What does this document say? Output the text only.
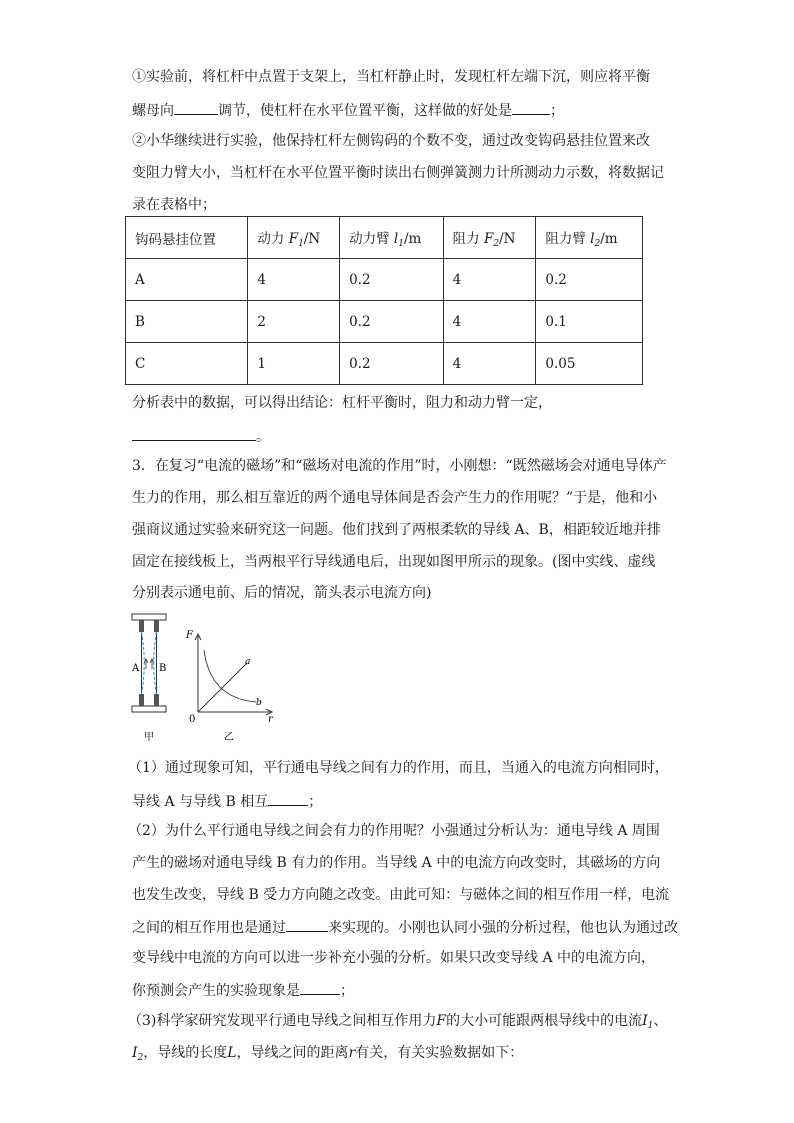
①实验前，将杠杆中点置于支架上，当杠杆静止时，发现杠杆左端下沉，则应将平衡
螺母向	调节，使杠杆在水平位置平衡，这样做的好处是	；
②小华继续进行实验，他保持杠杆左侧钩码的个数不变，通过改变钩码悬挂位置来改
变阻力臂大小，当杠杆在水平位置平衡时读出右侧弹簧测力计所测动力示数，将数据记
录在表格中；
钩码悬挂位置	动力 $F_1/N$	动力臂 $l_1/m$	阻力 $F_2/N$	阻力臂 $l_2/m$
A	4	0.2	4	0.2
B	2	0.2	4	0.1
C	1	0.2	4	0.05
分析表中的数据，可以得出结论：杠杆平衡时，阻力和动力臂一定，
。
3．在复习“电流的磁场”和“磁场对电流的作用”时，小刚想：“既然磁场会对通电导体产
生力的作用，那么相互靠近的两个通电导体间是否会产生力的作用呢？”于是，他和小
强商议通过实验来研究这一问题。他们找到了两根柔软的导线 A、B，相距较近地并排
固定在接线板上，当两根平行导线通电后，出现如图甲所示的现象。(图中实线、虚线
分别表示通电前、后的情况，箭头表示电流方向)
A B
甲
F
r
0
a
b
乙
（1）通过现象可知，平行通电导线之间有力的作用，而且，当通入的电流方向相同时，
导线 A 与导线 B 相互	；
（2）为什么平行通电导线之间会有力的作用呢？小强通过分析认为：通电导线 A 周围
产生的磁场对通电导线 B 有力的作用。当导线 A 中的电流方向改变时，其磁场的方向
也发生改变，导线 B 受力方向随之改变。由此可知：与磁体之间的相互作用一样，电流
之间的相互作用也是通过	来实现的。小刚也认同小强的分析过程，他也认为通过改
变导线中电流的方向可以进一步补充小强的分析。如果只改变导线 A 中的电流方向，
你预测会产生的实验现象是	；
（3)科学家研究发现平行通电导线之间相互作用力F的大小可能跟两根导线中的电流$I_1$、
$I_2$，导线的长度L，导线之间的距离r有关，有关实验数据如下：
